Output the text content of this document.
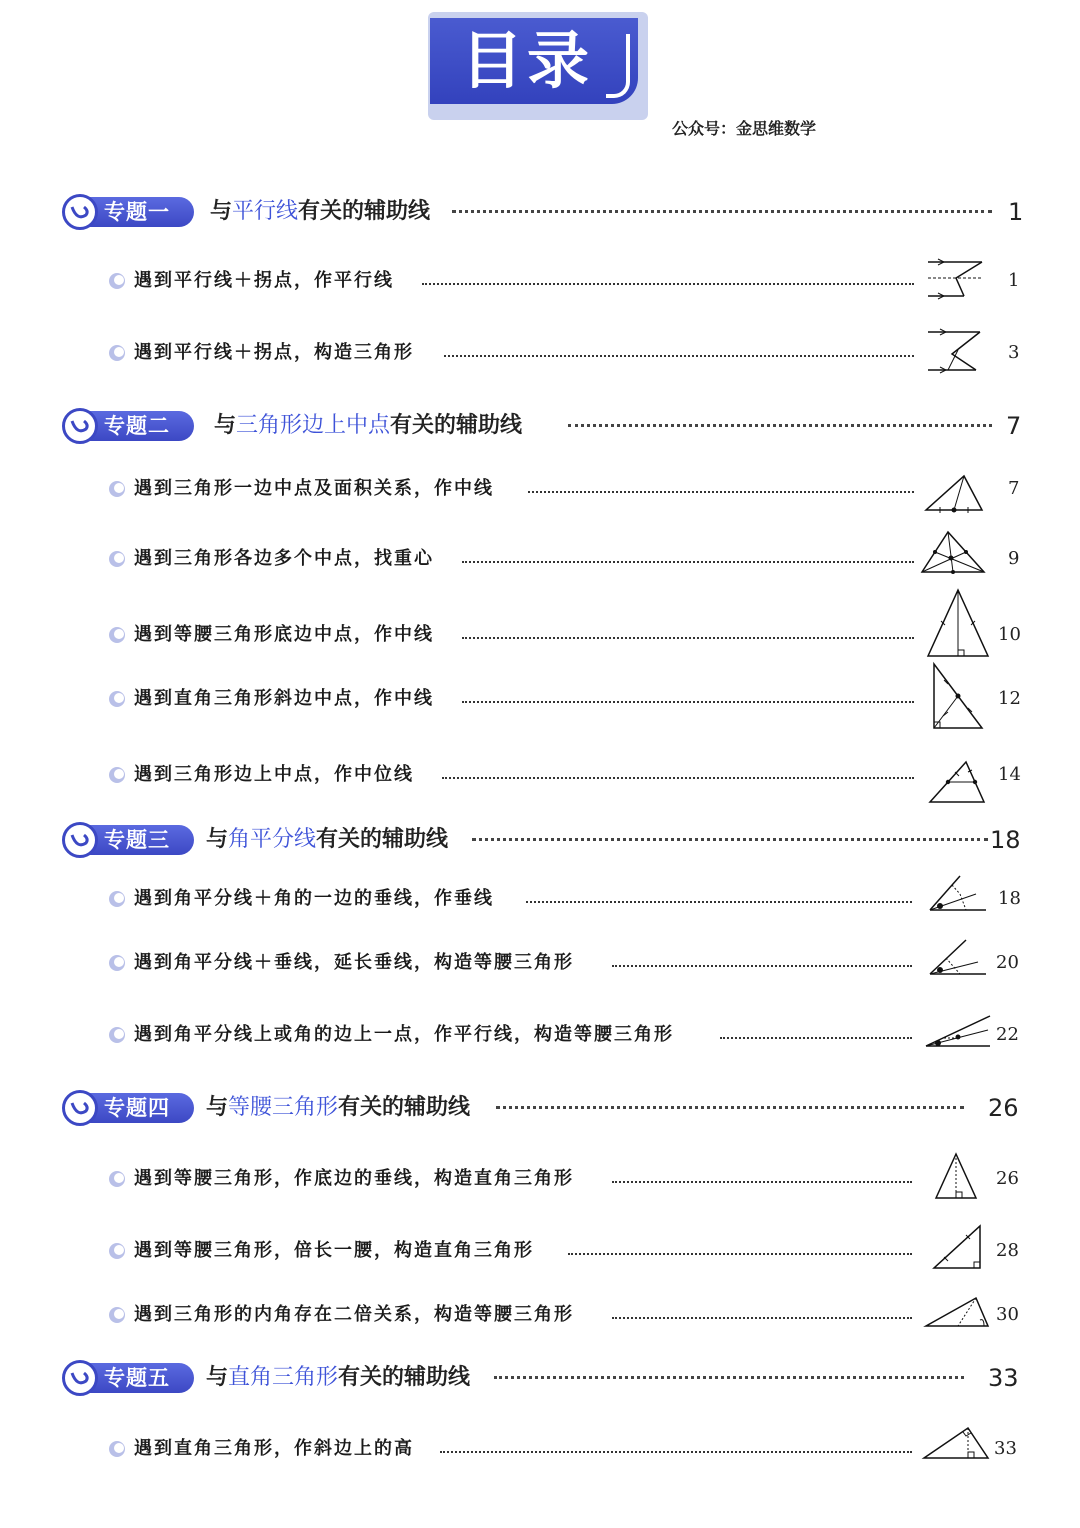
目录
公众号：金思维数学
专题一 与平行线有关的辅助线	1
遇到平行线＋拐点，作平行线	1
遇到平行线＋拐点，构造三角形	3
专题二 与三角形边上中点有关的辅助线	7
遇到三角形一边中点及面积关系，作中线	7
遇到三角形各边多个中点，找重心	9
遇到等腰三角形底边中点，作中线	10
遇到直角三角形斜边中点，作中线	12
遇到三角形边上中点，作中位线	14
专题三 与角平分线有关的辅助线	18
遇到角平分线＋角的一边的垂线，作垂线	18
遇到角平分线＋垂线，延长垂线，构造等腰三角形	20
遇到角平分线上或角的边上一点，作平行线，构造等腰三角形	22
专题四 与等腰三角形有关的辅助线	26
遇到等腰三角形，作底边的垂线，构造直角三角形	26
遇到等腰三角形，倍长一腰，构造直角三角形	28
遇到三角形的内角存在二倍关系，构造等腰三角形	30
专题五 与直角三角形有关的辅助线	33
遇到直角三角形，作斜边上的高	33
